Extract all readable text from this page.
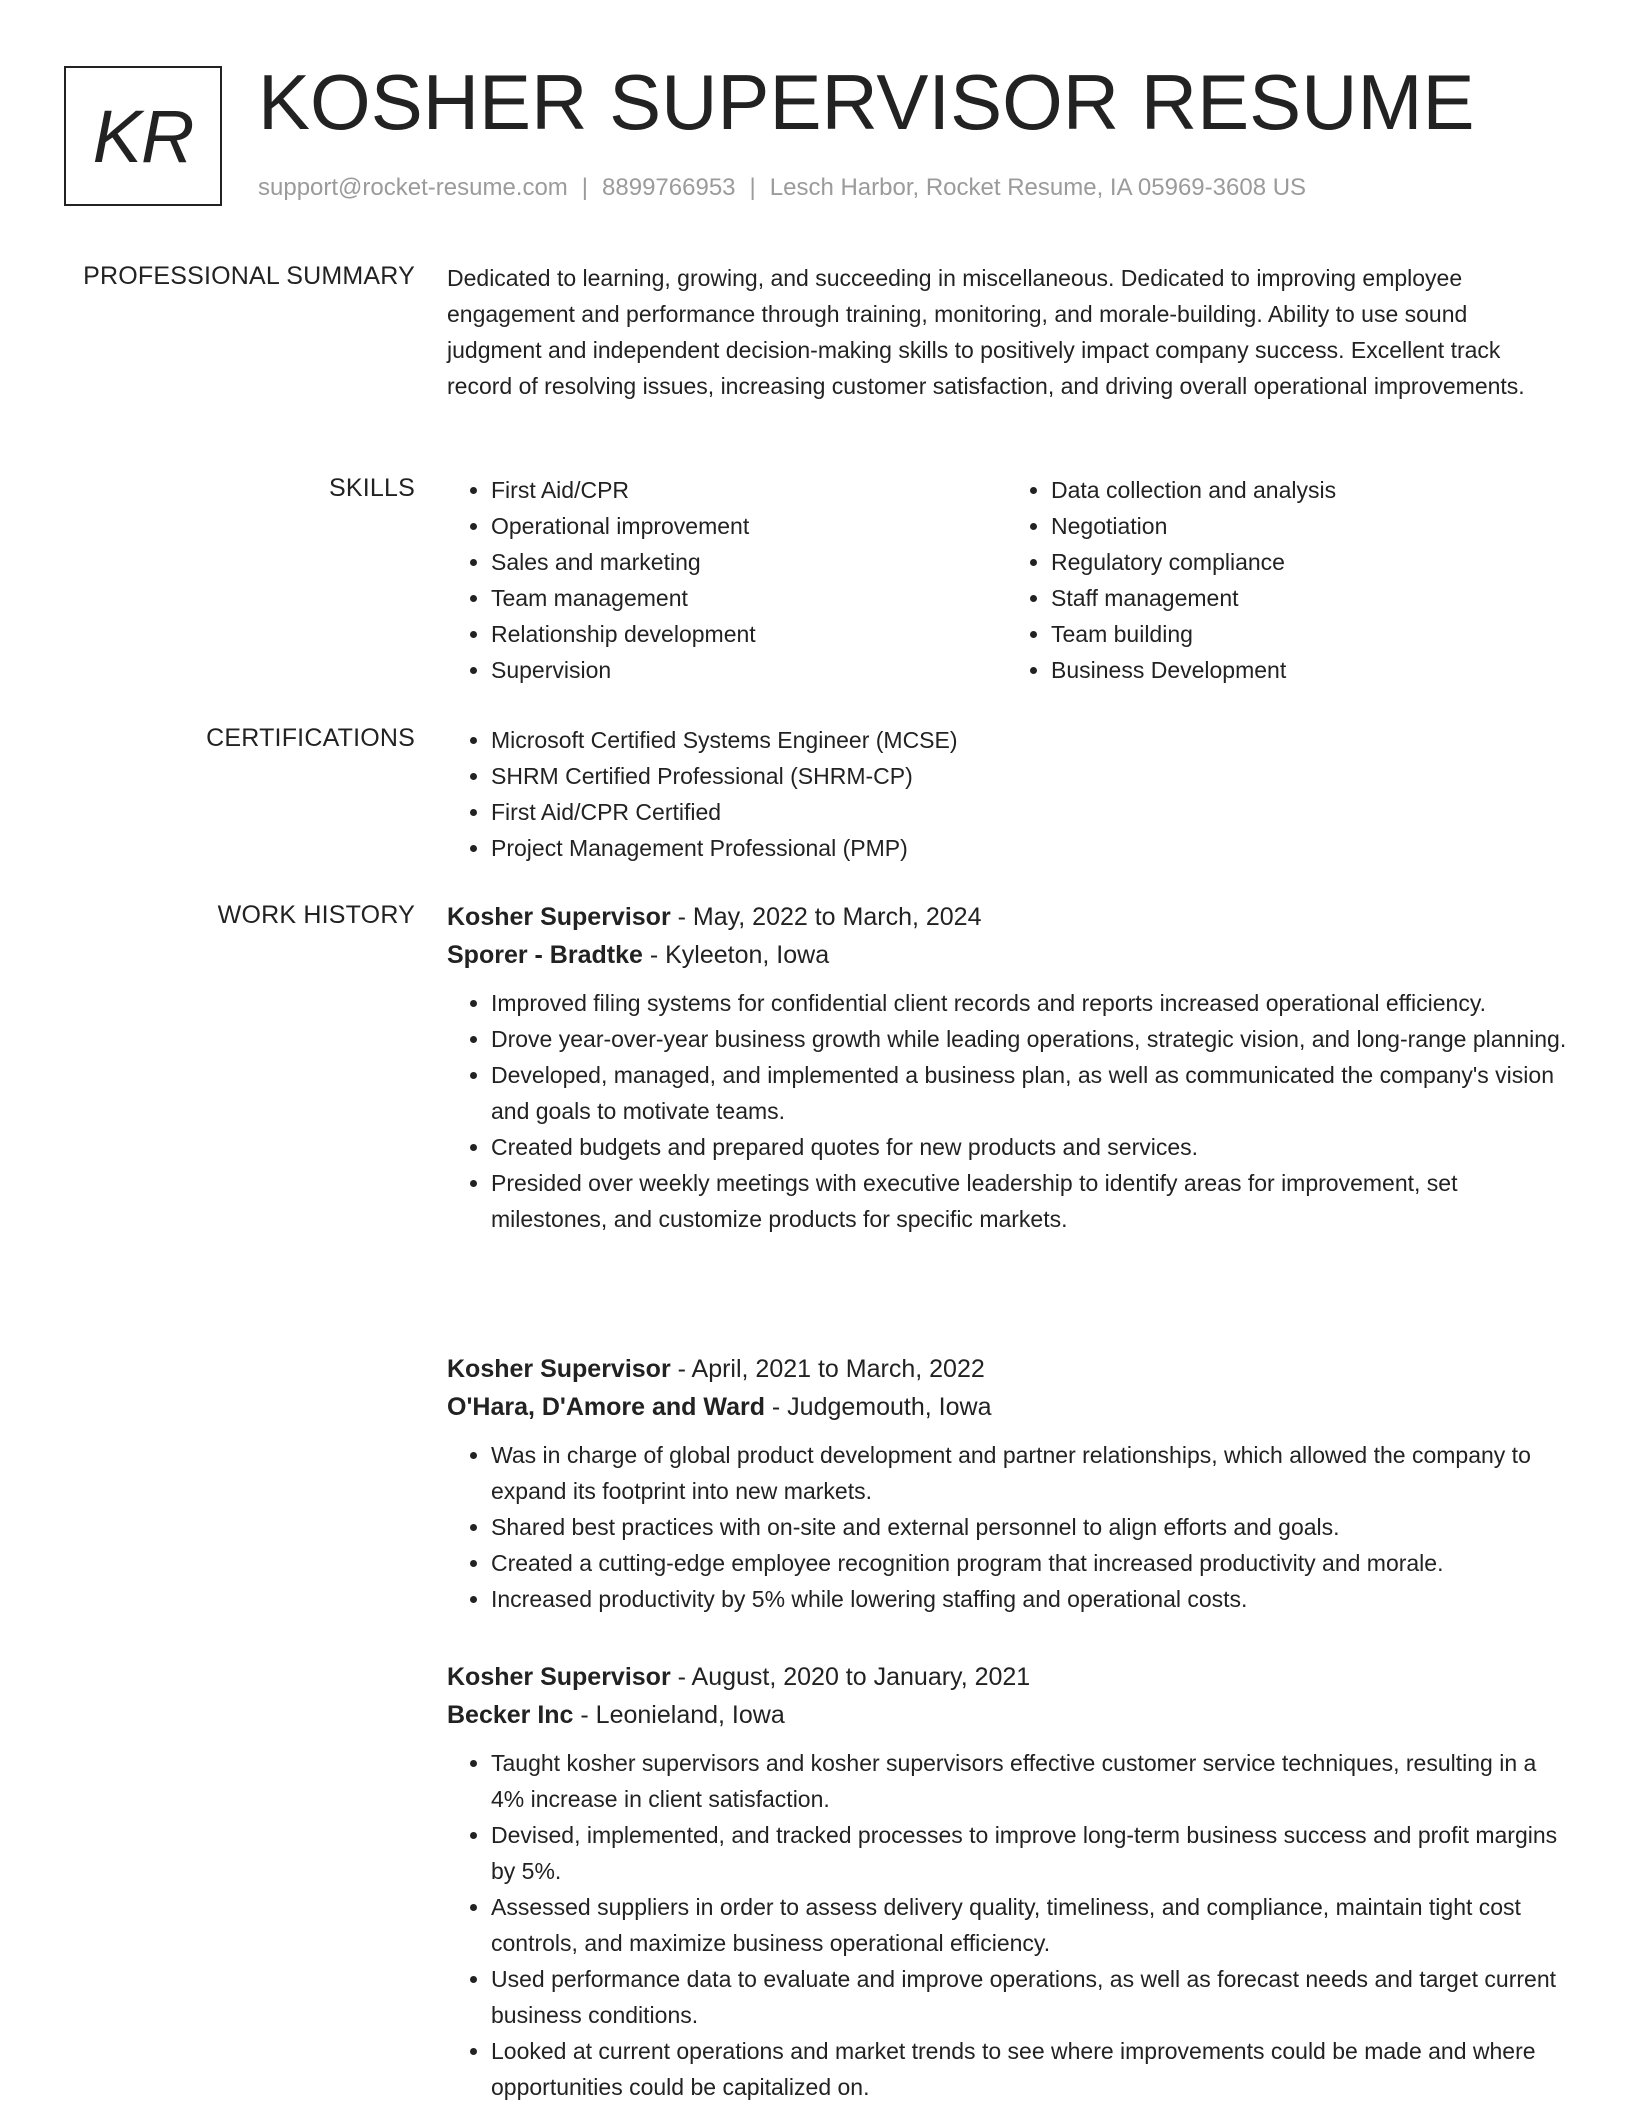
KR KOSHER SUPERVISOR RESUME
support@rocket-resume.com | 8899766953 | Lesch Harbor, Rocket Resume, IA 05969-3608 US
PROFESSIONAL SUMMARY Dedicated to learning, growing, and succeeding in miscellaneous. Dedicated to improving employee engagement and performance through training, monitoring, and morale-building. Ability to use sound judgment and independent decision-making skills to positively impact company success. Excellent track record of resolving issues, increasing customer satisfaction, and driving overall operational improvements.

SKILLS	• First Aid/CPR
• Operational improvement
• Sales and marketing
• Team management
• Relationship development
• Supervision
• Data collection and analysis
• Negotiation
• Regulatory compliance
• Staff management
• Team building
• Business Development
CERTIFICATIONS	• Microsoft Certified Systems Engineer (MCSE)
• SHRM Certified Professional (SHRM-CP)
• First Aid/CPR Certified
• Project Management Professional (PMP)
WORK HISTORY Kosher Supervisor - May, 2022 to March, 2024
Sporer - Bradtke - Kyleeton, Iowa
• Improved filing systems for confidential client records and reports increased operational efficiency.
• Drove year-over-year business growth while leading operations, strategic vision, and long-range planning.
• Developed, managed, and implemented a business plan, as well as communicated the company's vision and goals to motivate teams.
• Created budgets and prepared quotes for new products and services.
• Presided over weekly meetings with executive leadership to identify areas for improvement, set milestones, and customize products for specific markets.
Kosher Supervisor - April, 2021 to March, 2022
O'Hara, D'Amore and Ward - Judgemouth, Iowa
• Was in charge of global product development and partner relationships, which allowed the company to expand its footprint into new markets.
• Shared best practices with on-site and external personnel to align efforts and goals.
• Created a cutting-edge employee recognition program that increased productivity and morale.
• Increased productivity by 5% while lowering staffing and operational costs.
Kosher Supervisor - August, 2020 to January, 2021
Becker Inc - Leonieland, Iowa
• Taught kosher supervisors and kosher supervisors effective customer service techniques, resulting in a 4% increase in client satisfaction.
• Devised, implemented, and tracked processes to improve long-term business success and profit margins by 5%.
• Assessed suppliers in order to assess delivery quality, timeliness, and compliance, maintain tight cost controls, and maximize business operational efficiency.
• Used performance data to evaluate and improve operations, as well as forecast needs and target current business conditions.
• Looked at current operations and market trends to see where improvements could be made and where opportunities could be capitalized on.
